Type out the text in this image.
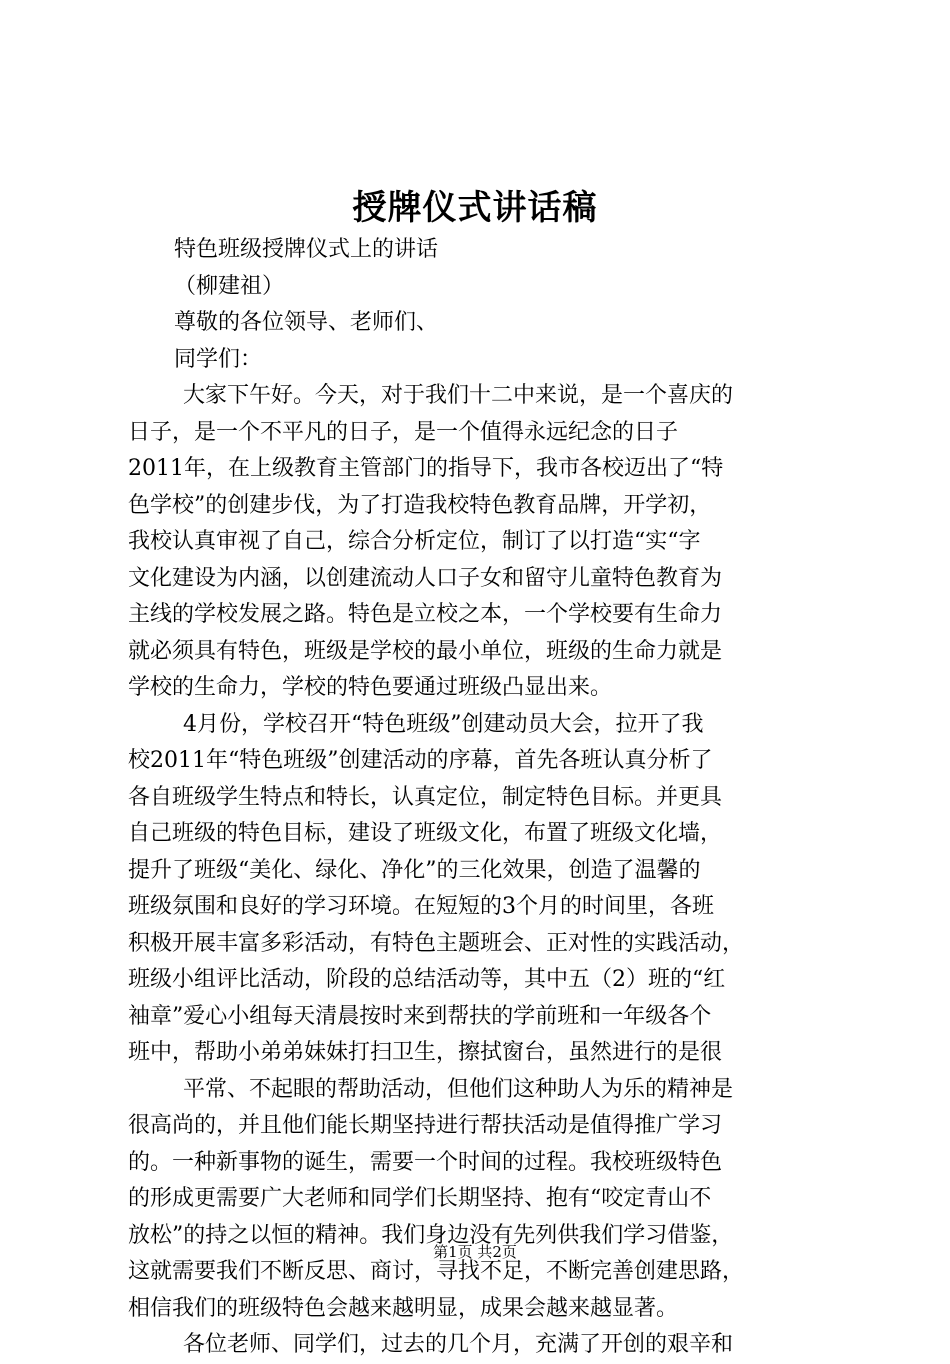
授牌仪式讲话稿
特色班级授牌仪式上的讲话
（柳建祖）
尊敬的各位领导、老师们、
同学们：
大家下午好。今天，对于我们十二中来说，是一个喜庆的
日子，是一个不平凡的日子，是一个值得永远纪念的日子
2011年，在上级教育主管部门的指导下，我市各校迈出了“特
色学校”的创建步伐，为了打造我校特色教育品牌，开学初，
我校认真审视了自己，综合分析定位，制订了以打造“实“字
文化建设为内涵，以创建流动人口子女和留守儿童特色教育为
主线的学校发展之路。特色是立校之本，一个学校要有生命力
就必须具有特色，班级是学校的最小单位，班级的生命力就是
学校的生命力，学校的特色要通过班级凸显出来。
4月份，学校召开“特色班级”创建动员大会，拉开了我
校2011年“特色班级”创建活动的序幕，首先各班认真分析了
各自班级学生特点和特长，认真定位，制定特色目标。并更具
自己班级的特色目标，建设了班级文化，布置了班级文化墙，
提升了班级“美化、绿化、净化”的三化效果，创造了温馨的
班级氛围和良好的学习环境。在短短的3个月的时间里，各班
积极开展丰富多彩活动，有特色主题班会、正对性的实践活动，
班级小组评比活动，阶段的总结活动等，其中五（2）班的“红
袖章”爱心小组每天清晨按时来到帮扶的学前班和一年级各个
班中，帮助小弟弟妹妹打扫卫生，擦拭窗台，虽然进行的是很
平常、不起眼的帮助活动，但他们这种助人为乐的精神是
很高尚的，并且他们能长期坚持进行帮扶活动是值得推广学习
的。一种新事物的诞生，需要一个时间的过程。我校班级特色
的形成更需要广大老师和同学们长期坚持、抱有“咬定青山不
放松”的持之以恒的精神。我们身边没有先列供我们学习借鉴，
这就需要我们不断反思、商讨，寻找不足，不断完善创建思路，
相信我们的班级特色会越来越明显，成果会越来越显著。
各位老师、同学们，过去的几个月，充满了开创的艰辛和
第1页 共2页
